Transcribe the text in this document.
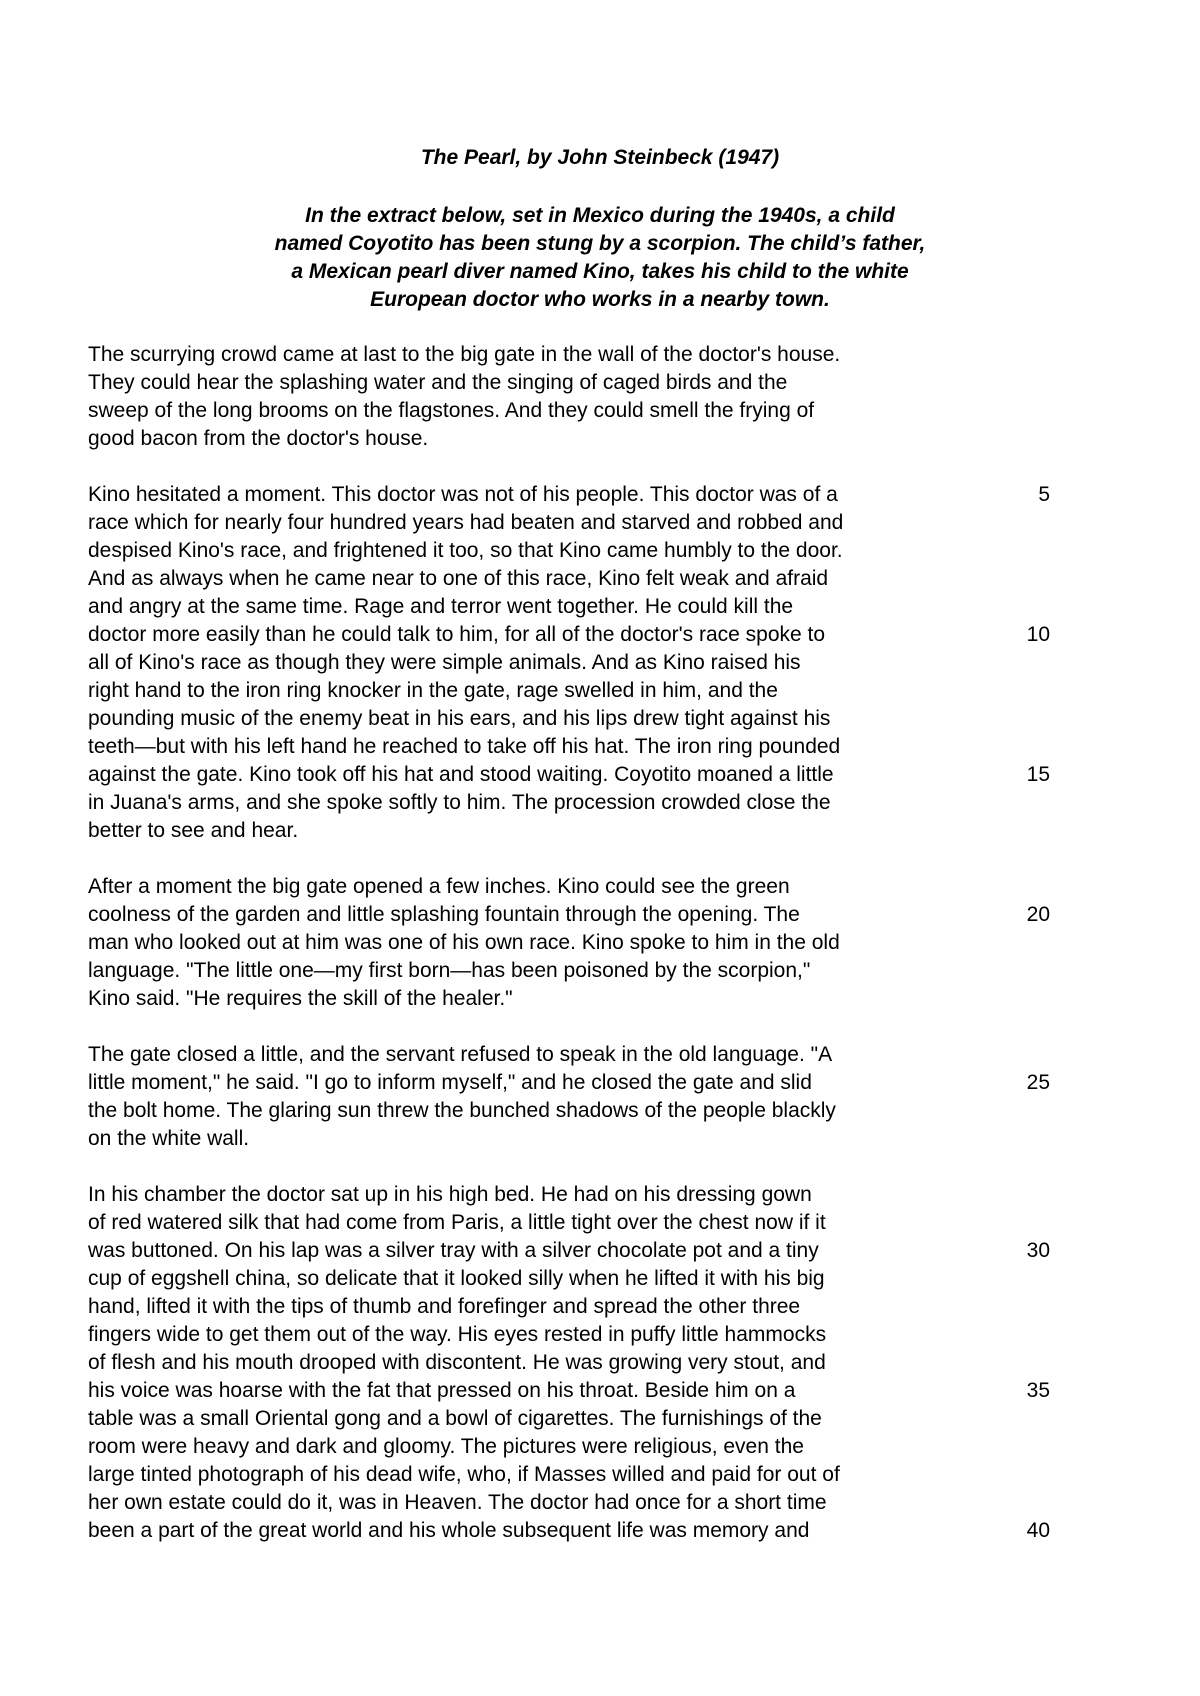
The Pearl, by John Steinbeck (1947)
In the extract below, set in Mexico during the 1940s, a child
named Coyotito has been stung by a scorpion. The child’s father,
a Mexican pearl diver named Kino, takes his child to the white
European doctor who works in a nearby town.
The scurrying crowd came at last to the big gate in the wall of the doctor's house.
They could hear the splashing water and the singing of caged birds and the
sweep of the long brooms on the flagstones. And they could smell the frying of
good bacon from the doctor's house.
Kino hesitated a moment. This doctor was not of his people. This doctor was of a
race which for nearly four hundred years had beaten and starved and robbed and
despised Kino's race, and frightened it too, so that Kino came humbly to the door.
And as always when he came near to one of this race, Kino felt weak and afraid
and angry at the same time. Rage and terror went together. He could kill the
doctor more easily than he could talk to him, for all of the doctor's race spoke to
all of Kino's race as though they were simple animals. And as Kino raised his
right hand to the iron ring knocker in the gate, rage swelled in him, and the
pounding music of the enemy beat in his ears, and his lips drew tight against his
teeth—but with his left hand he reached to take off his hat. The iron ring pounded
against the gate. Kino took off his hat and stood waiting. Coyotito moaned a little
in Juana's arms, and she spoke softly to him. The procession crowded close the
better to see and hear.
After a moment the big gate opened a few inches. Kino could see the green
coolness of the garden and little splashing fountain through the opening. The
man who looked out at him was one of his own race. Kino spoke to him in the old
language. "The little one—my first born—has been poisoned by the scorpion,"
Kino said. "He requires the skill of the healer."
The gate closed a little, and the servant refused to speak in the old language. "A
little moment," he said. "I go to inform myself," and he closed the gate and slid
the bolt home. The glaring sun threw the bunched shadows of the people blackly
on the white wall.
In his chamber the doctor sat up in his high bed. He had on his dressing gown
of red watered silk that had come from Paris, a little tight over the chest now if it
was buttoned. On his lap was a silver tray with a silver chocolate pot and a tiny
cup of eggshell china, so delicate that it looked silly when he lifted it with his big
hand, lifted it with the tips of thumb and forefinger and spread the other three
fingers wide to get them out of the way. His eyes rested in puffy little hammocks
of flesh and his mouth drooped with discontent. He was growing very stout, and
his voice was hoarse with the fat that pressed on his throat. Beside him on a
table was a small Oriental gong and a bowl of cigarettes. The furnishings of the
room were heavy and dark and gloomy. The pictures were religious, even the
large tinted photograph of his dead wife, who, if Masses willed and paid for out of
her own estate could do it, was in Heaven. The doctor had once for a short time
been a part of the great world and his whole subsequent life was memory and
5
10
15
20
25
30
35
40
